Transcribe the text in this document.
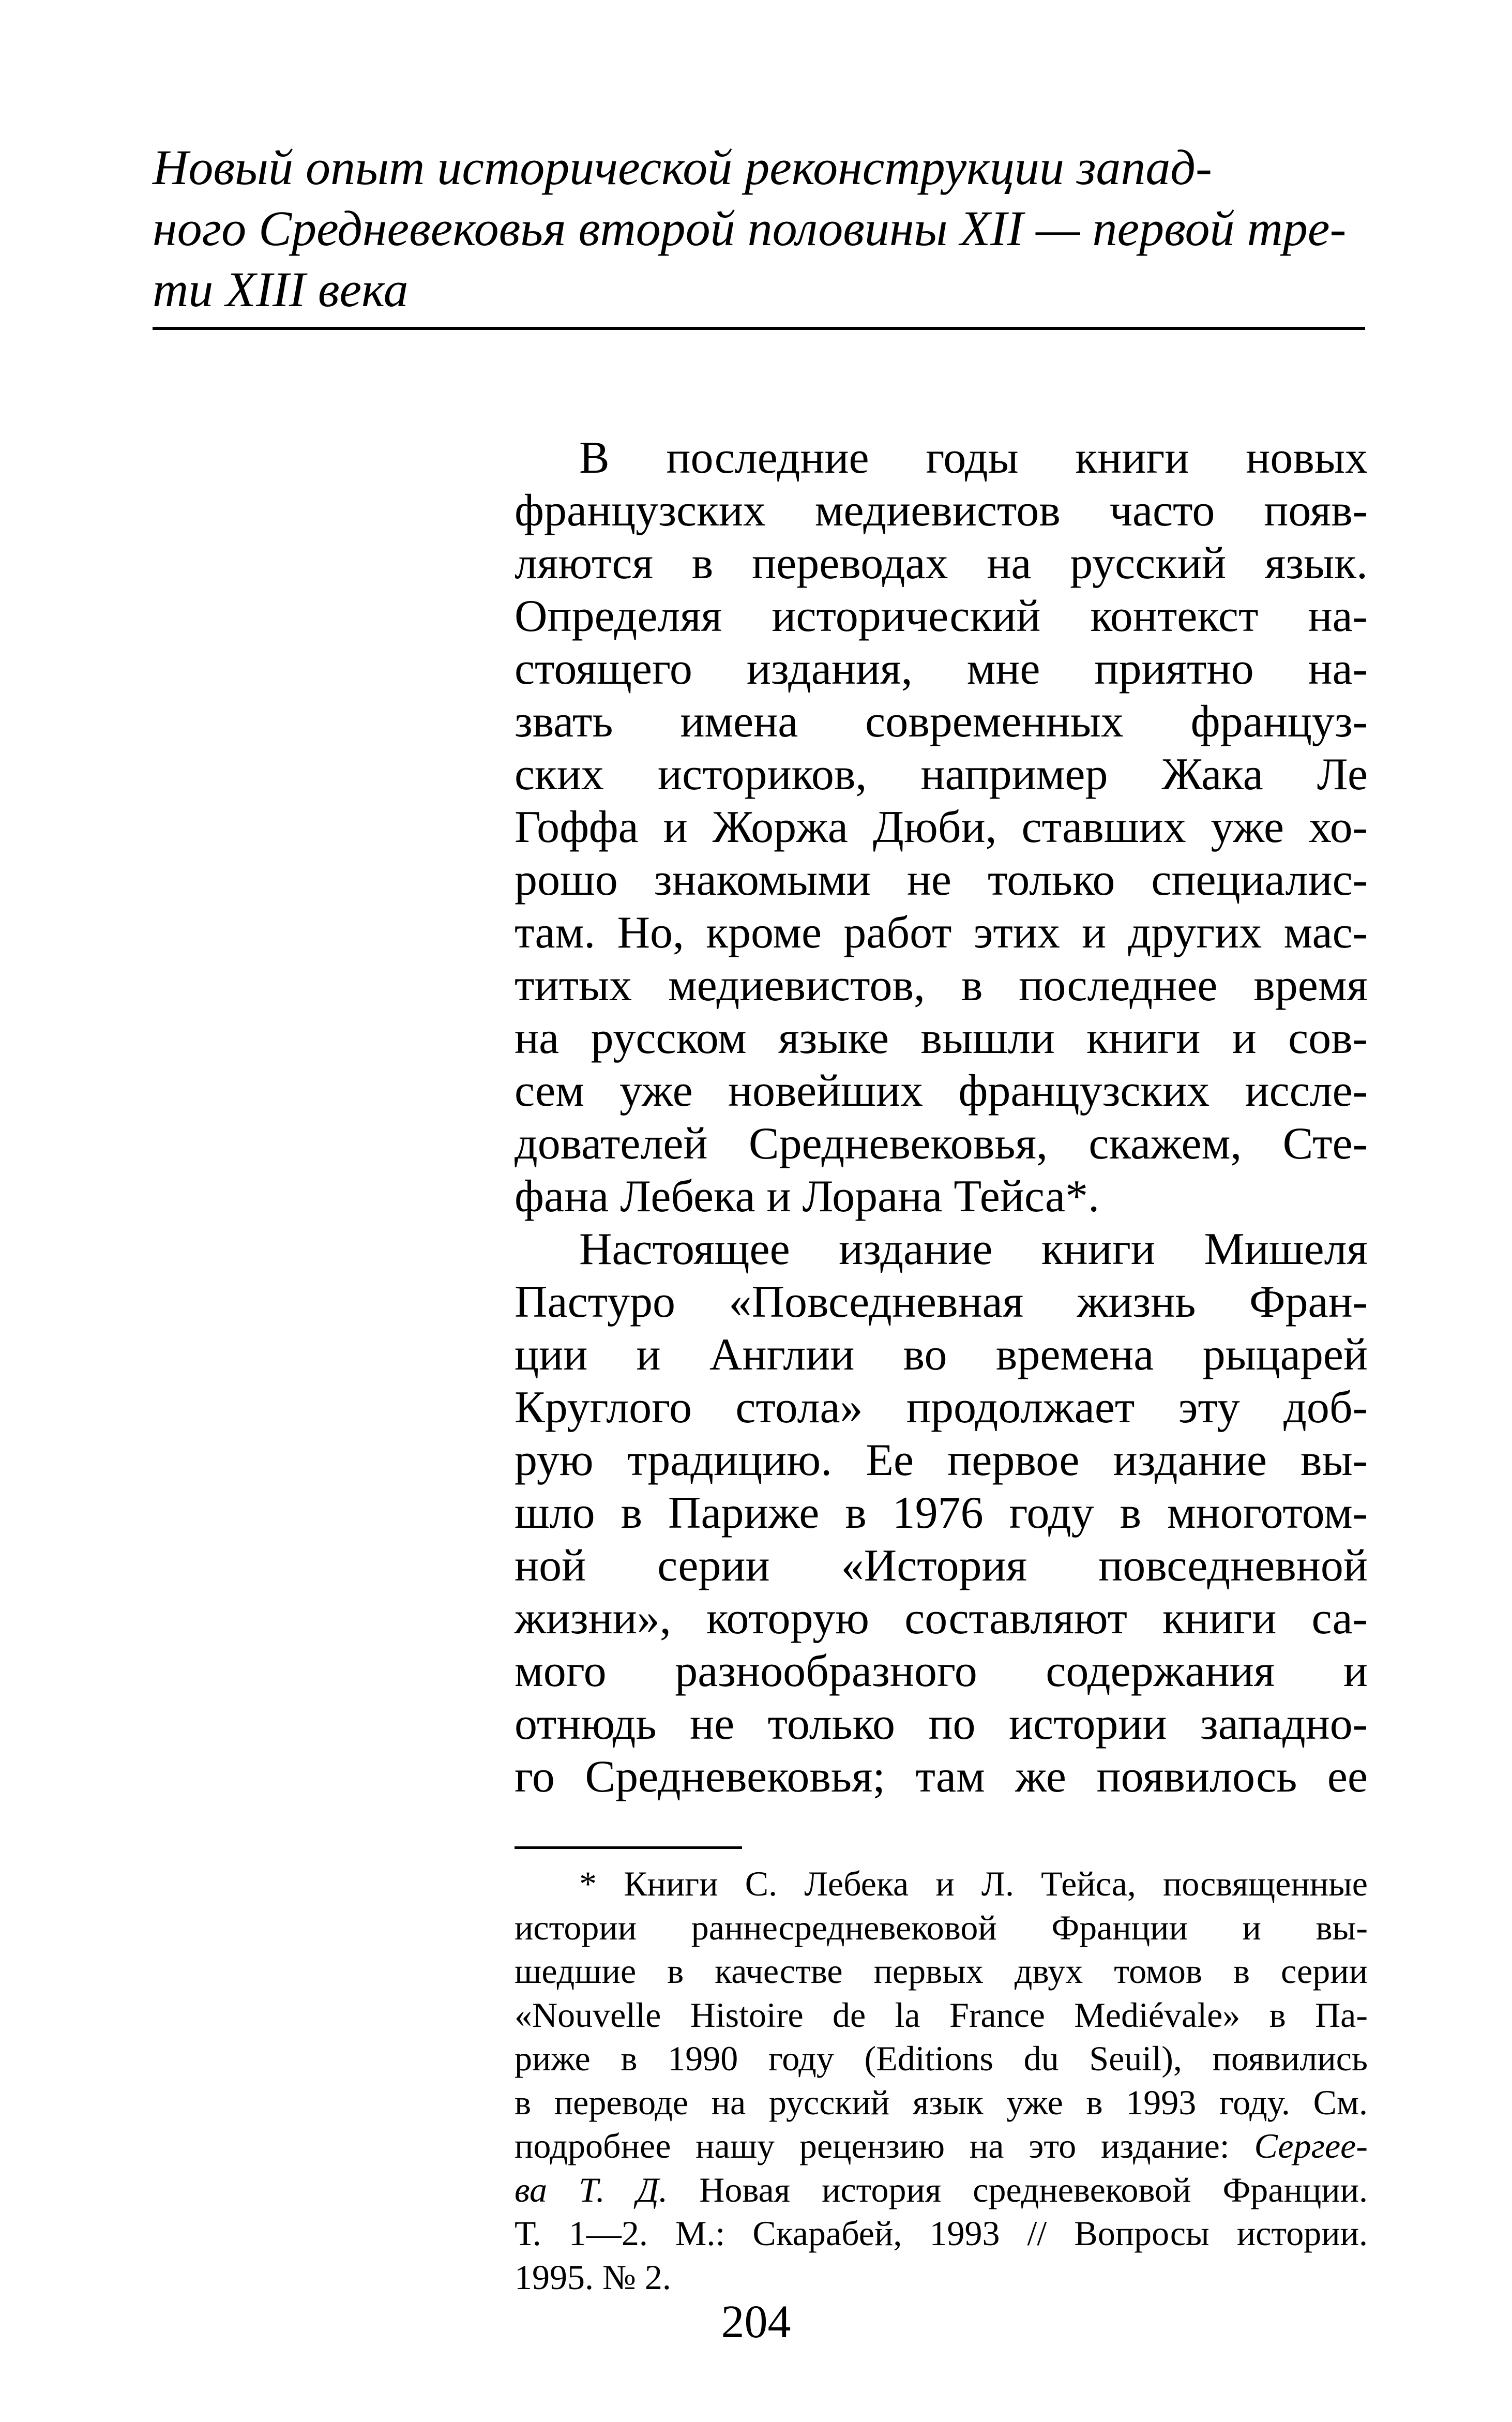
Новый опыт исторической реконструкции запад-
ного Средневековья второй половины XII — первой тре-
ти XIII века
В последние годы книги новых
французских медиевистов часто появ-
ляются в переводах на русский язык.
Определяя исторический контекст на-
стоящего издания, мне приятно на-
звать имена современных француз-
ских историков, например Жака Ле
Гоффа и Жоржа Дюби, ставших уже хо-
рошо знакомыми не только специалис-
там. Но, кроме работ этих и других мас-
титых медиевистов, в последнее время
на русском языке вышли книги и сов-
сем уже новейших французских иссле-
дователей Средневековья, скажем, Сте-
фана Лебека и Лорана Тейса*.
Настоящее издание книги Мишеля
Пастуро «Повседневная жизнь Фран-
ции и Англии во времена рыцарей
Круглого стола» продолжает эту доб-
рую традицию. Ее первое издание вы-
шло в Париже в 1976 году в многотом-
ной серии «История повседневной
жизни», которую составляют книги са-
мого разнообразного содержания и
отнюдь не только по истории западно-
го Средневековья; там же появилось ее
* Книги С. Лебека и Л. Тейса, посвященные
истории раннесредневековой Франции и вы-
шедшие в качестве первых двух томов в серии
«Nouvelle Histoire de la France Mediévale» в Па-
риже в 1990 году (Editions du Seuil), появились
в переводе на русский язык уже в 1993 году. См.
подробнее нашу рецензию на это издание: Сергее-
ва Т. Д. Новая история средневековой Франции.
Т. 1—2. М.: Скарабей, 1993 // Вопросы истории.
1995. № 2.
204
